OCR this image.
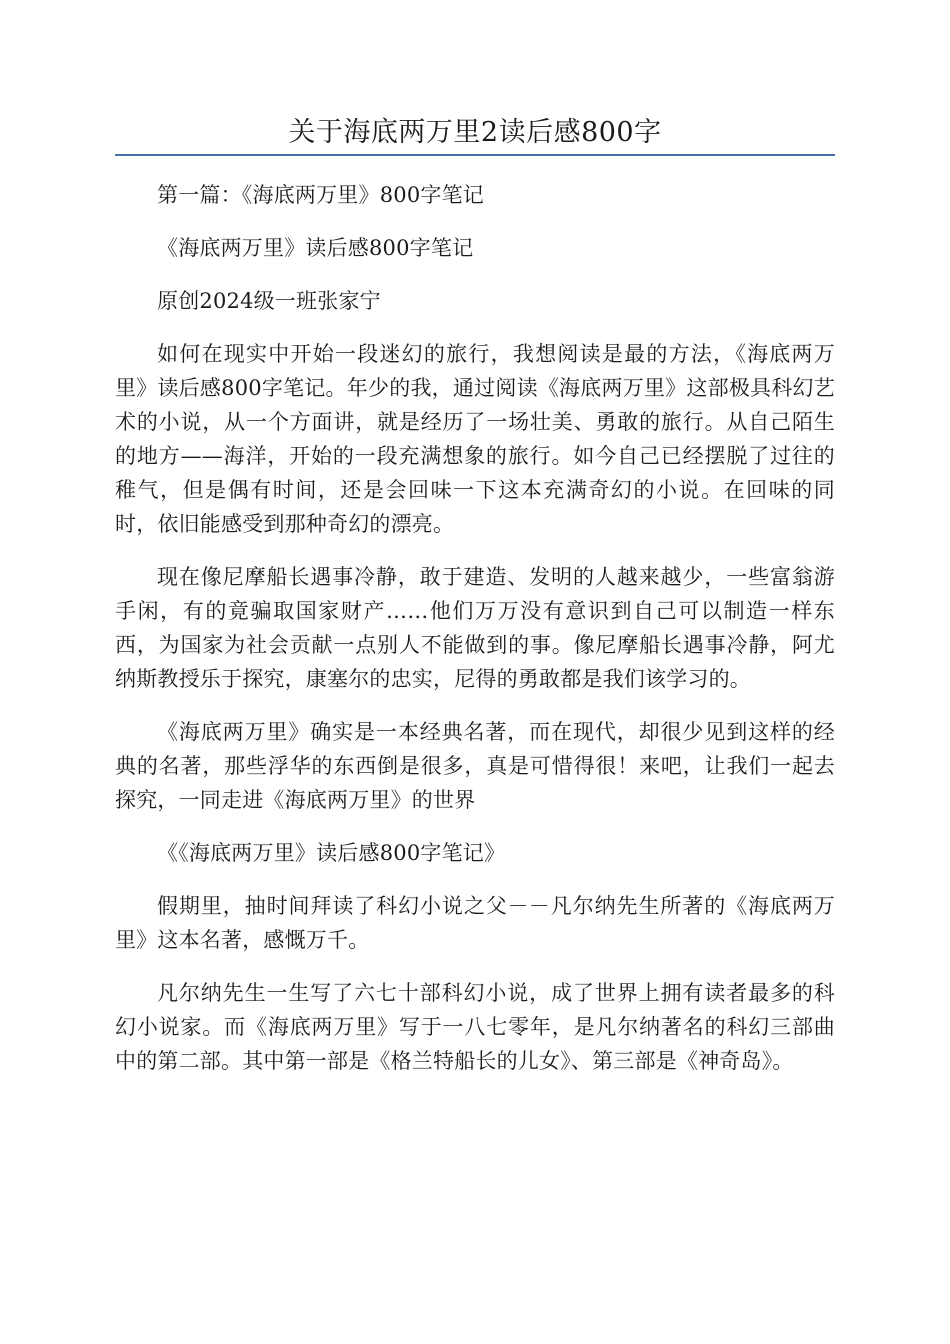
关于海底两万里2读后感800字

第一篇：《海底两万里》800字笔记

《海底两万里》读后感800字笔记

原创2024级一班张家宁

如何在现实中开始一段迷幻的旅行，我想阅读是最的方法，《海底两万里》读后感800字笔记。年少的我，通过阅读《海底两万里》这部极具科幻艺术的小说，从一个方面讲，就是经历了一场壮美、勇敢的旅行。从自己陌生的地方——海洋，开始的一段充满想象的旅行。如今自己已经摆脱了过往的稚气，但是偶有时间，还是会回味一下这本充满奇幻的小说。在回味的同时，依旧能感受到那种奇幻的漂亮。

现在像尼摩船长遇事冷静，敢于建造、发明的人越来越少，一些富翁游手闲，有的竟骗取国家财产……他们万万没有意识到自己可以制造一样东西，为国家为社会贡献一点别人不能做到的事。像尼摩船长遇事冷静，阿尤纳斯教授乐于探究，康塞尔的忠实，尼得的勇敢都是我们该学习的。

《海底两万里》确实是一本经典名著，而在现代，却很少见到这样的经典的名著，那些浮华的东西倒是很多，真是可惜得很！来吧，让我们一起去探究，一同走进《海底两万里》的世界

《《海底两万里》读后感800字笔记》

假期里，抽时间拜读了科幻小说之父－－凡尔纳先生所著的《海底两万里》这本名著，感慨万千。

凡尔纳先生一生写了六七十部科幻小说，成了世界上拥有读者最多的科幻小说家。而《海底两万里》写于一八七零年，是凡尔纳著名的科幻三部曲中的第二部。其中第一部是《格兰特船长的儿女》、第三部是《神奇岛》。
